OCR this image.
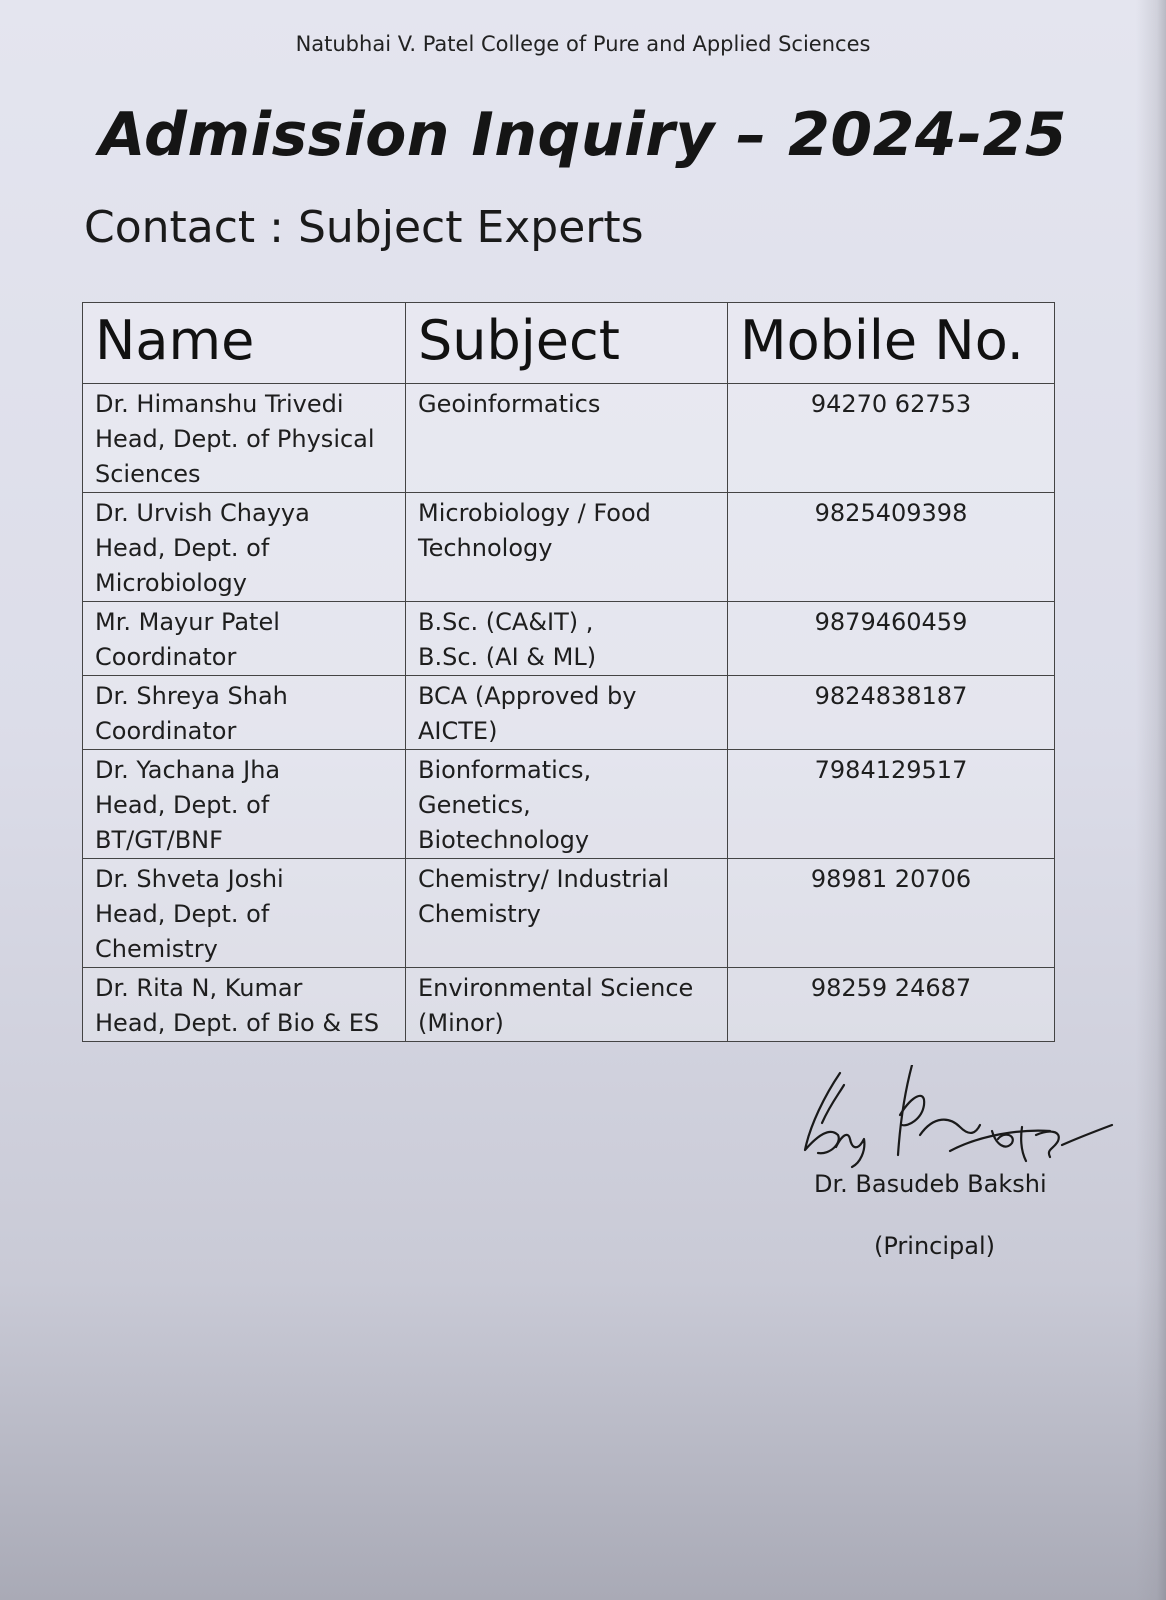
Natubhai V. Patel College of Pure and Applied Sciences
Admission Inquiry – 2024-25
Contact : Subject Experts
Name	Subject	Mobile No.

Dr. Himanshu Trivedi
Head, Dept. of Physical
Sciences	Geoinformatics	94270 62753

Dr. Urvish Chayya
Head, Dept. of
Microbiology	Microbiology / Food
Technology	9825409398

Mr. Mayur Patel
Coordinator	B.Sc. (CA&IT) ,
B.Sc. (AI & ML)	9879460459

Dr. Shreya Shah
Coordinator	BCA (Approved by AICTE)	9824838187

Dr. Yachana Jha
Head, Dept. of
BT/GT/BNF	Bionformatics,
Genetics,
Biotechnology	7984129517

Dr. Shveta Joshi
Head, Dept. of Chemistry	Chemistry/ Industrial
Chemistry	98981 20706

Dr. Rita N, Kumar
Head, Dept. of Bio & ES	Environmental Science
(Minor)	98259 24687
Dr. Basudeb Bakshi
(Principal)
